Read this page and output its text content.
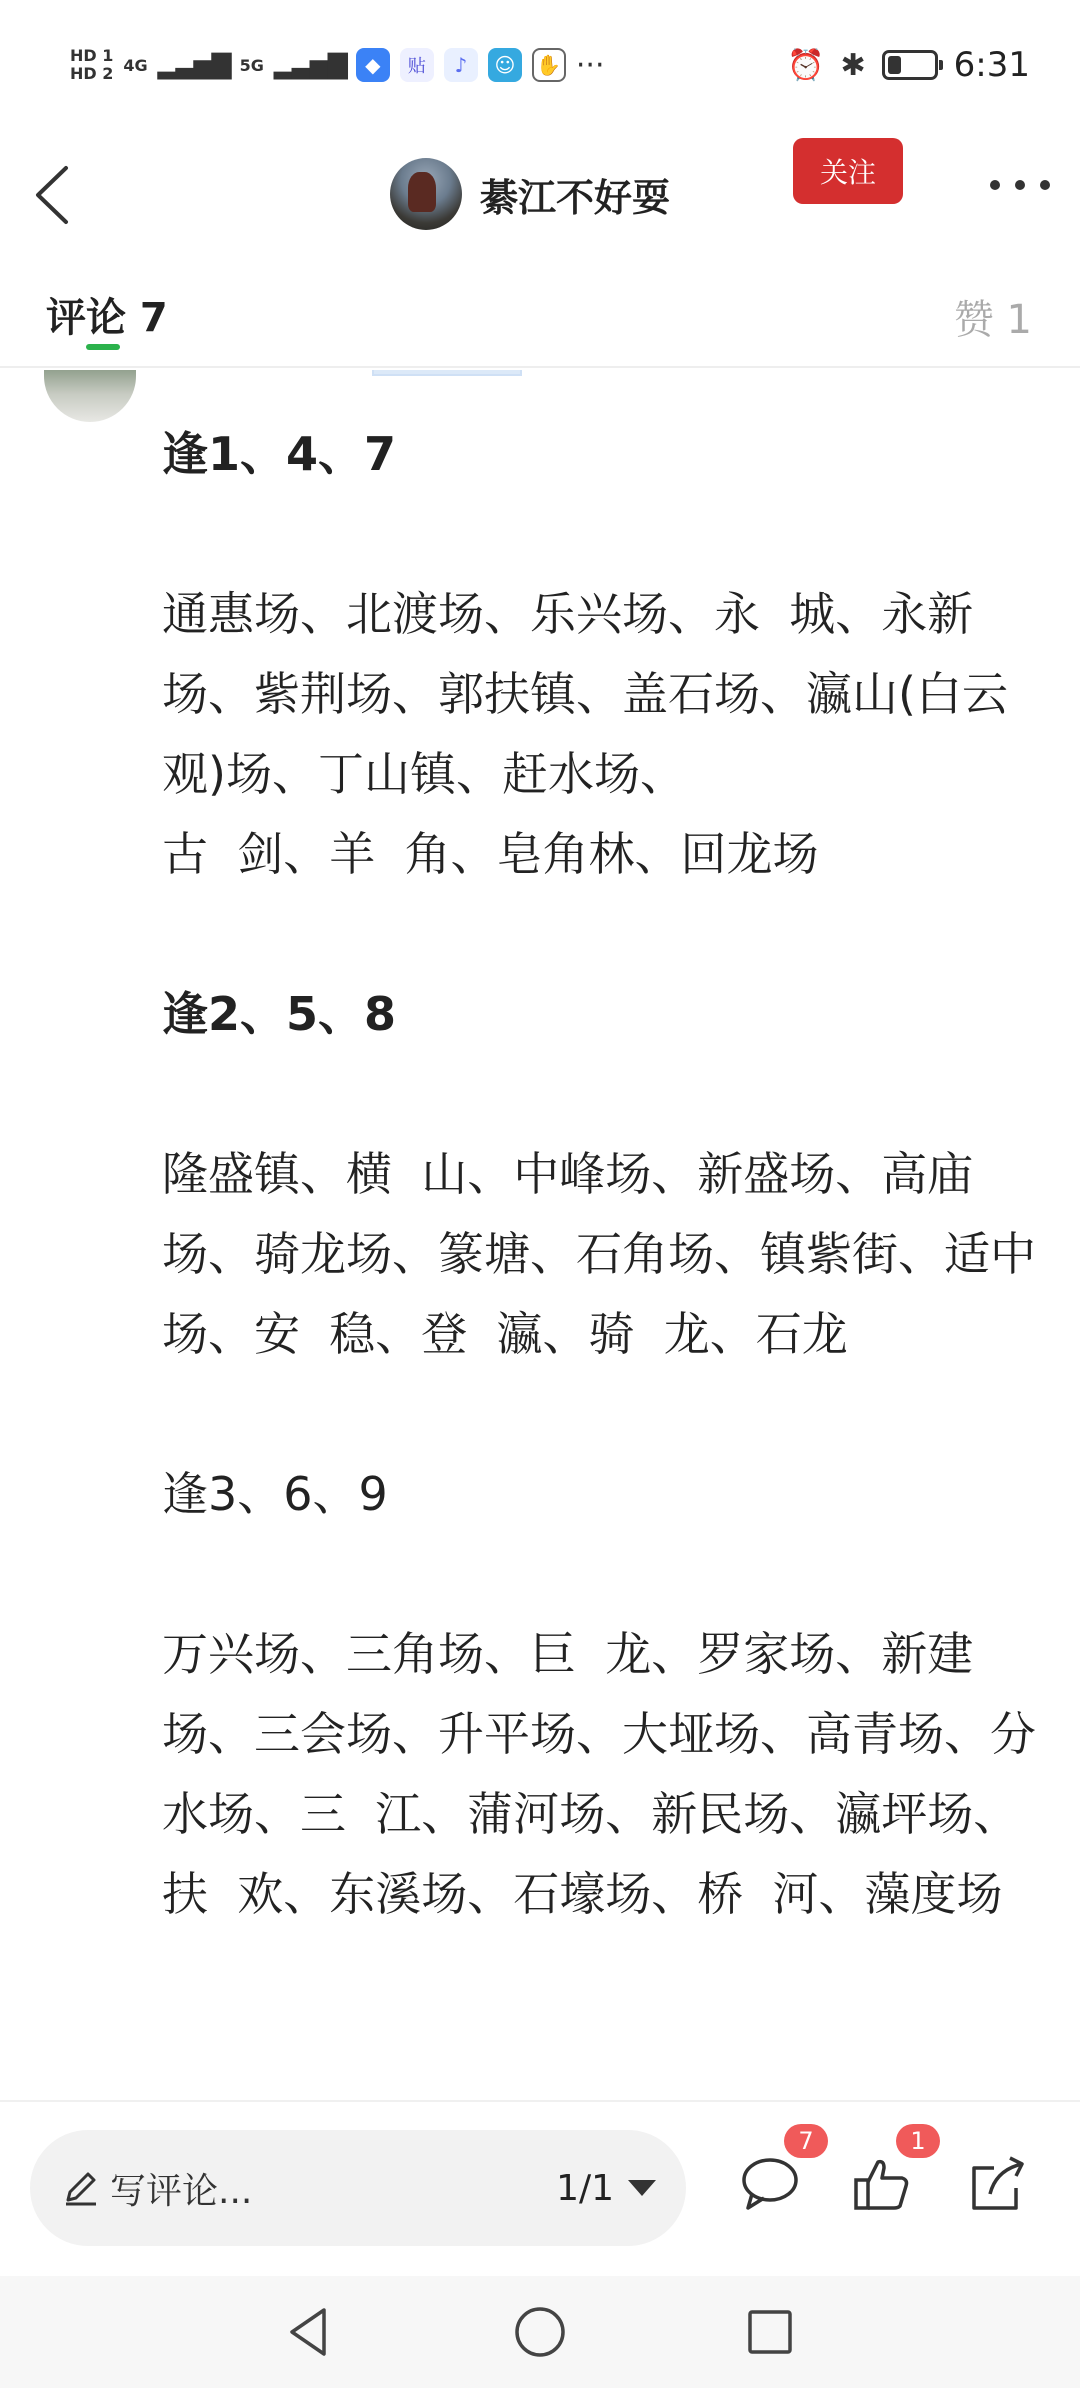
HD 1
HD 2 4G ▂▃▅▇ 5G ▂▃▅▇ ◆	贴	♪	☺	✋ ···	⏰ ✱	6:31
綦江不好耍
关注
评论 7	赞 1
逢1、4、7
通惠场、北渡场、乐兴场、永  城、永新场、紫荆场、郭扶镇、盖石场、瀛山(白云观)场、丁山镇、赶水场、
古  剑、羊  角、皂角林、回龙场
逢2、5、8
隆盛镇、横  山、中峰场、新盛场、高庙场、骑龙场、篆塘、石角场、镇紫街、适中场、安  稳、登  瀛、骑  龙、石龙
逢3、6、9
万兴场、三角场、巨  龙、罗家场、新建场、三会场、升平场、大垭场、高青场、分水场、三  江、蒲河场、新民场、瀛坪场、扶  欢、东溪场、石壕场、桥  河、藻度场
写评论...	1/1
7	1
